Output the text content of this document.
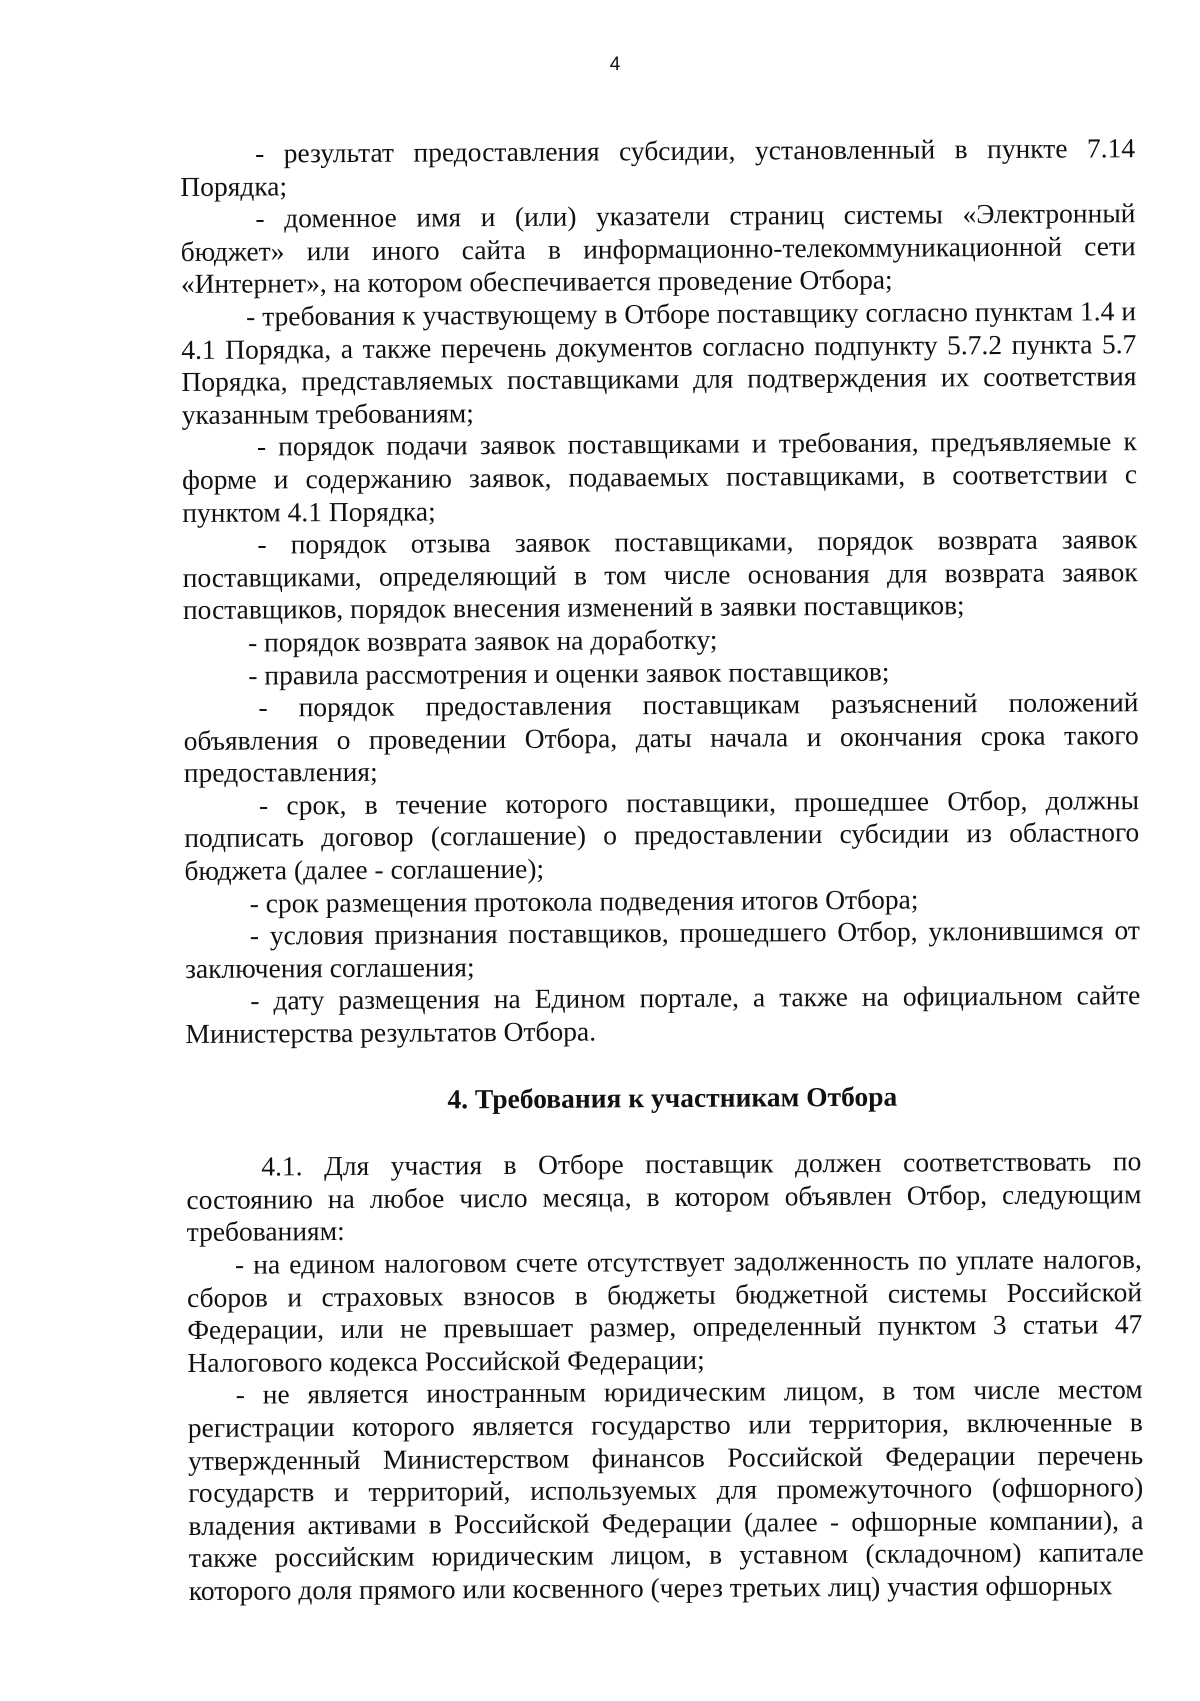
4

- результат предоставления субсидии, установленный в пункте 7.14 Порядка;

- доменное имя и (или) указатели страниц системы «Электронный бюджет» или иного сайта в информационно-телекоммуникационной сети «Интернет», на котором обеспечивается проведение Отбора;

- требования к участвующему в Отборе поставщику согласно пунктам 1.4 и 4.1 Порядка, а также перечень документов согласно подпункту 5.7.2 пункта 5.7 Порядка, представляемых поставщиками для подтверждения их соответствия указанным требованиям;

- порядок подачи заявок поставщиками и требования, предъявляемые к форме и содержанию заявок, подаваемых поставщиками, в соответствии с пунктом 4.1 Порядка;

- порядок отзыва заявок поставщиками, порядок возврата заявок поставщиками, определяющий в том числе основания для возврата заявок поставщиков, порядок внесения изменений в заявки поставщиков;

- порядок возврата заявок на доработку;

- правила рассмотрения и оценки заявок поставщиков;

- порядок предоставления поставщикам разъяснений положений объявления о проведении Отбора, даты начала и окончания срока такого предоставления;

- срок, в течение которого поставщики, прошедшее Отбор, должны подписать договор (соглашение) о предоставлении субсидии из областного бюджета (далее - соглашение);

- срок размещения протокола подведения итогов Отбора;

- условия признания поставщиков, прошедшего Отбор, уклонившимся от заключения соглашения;

- дату размещения на Едином портале, а также на официальном сайте Министерства результатов Отбора.

4. Требования к участникам Отбора

4.1. Для участия в Отборе поставщик должен соответствовать по состоянию на любое число месяца, в котором объявлен Отбор, следующим требованиям:

- на едином налоговом счете отсутствует задолженность по уплате налогов, сборов и страховых взносов в бюджеты бюджетной системы Российской Федерации, или не превышает размер, определенный пунктом 3 статьи 47 Налогового кодекса Российской Федерации;

- не является иностранным юридическим лицом, в том числе местом регистрации которого является государство или территория, включенные в утвержденный Министерством финансов Российской Федерации перечень государств и территорий, используемых для промежуточного (офшорного) владения активами в Российской Федерации (далее - офшорные компании), а также российским юридическим лицом, в уставном (складочном) капитале которого доля прямого или косвенного (через третьих лиц) участия офшорных
